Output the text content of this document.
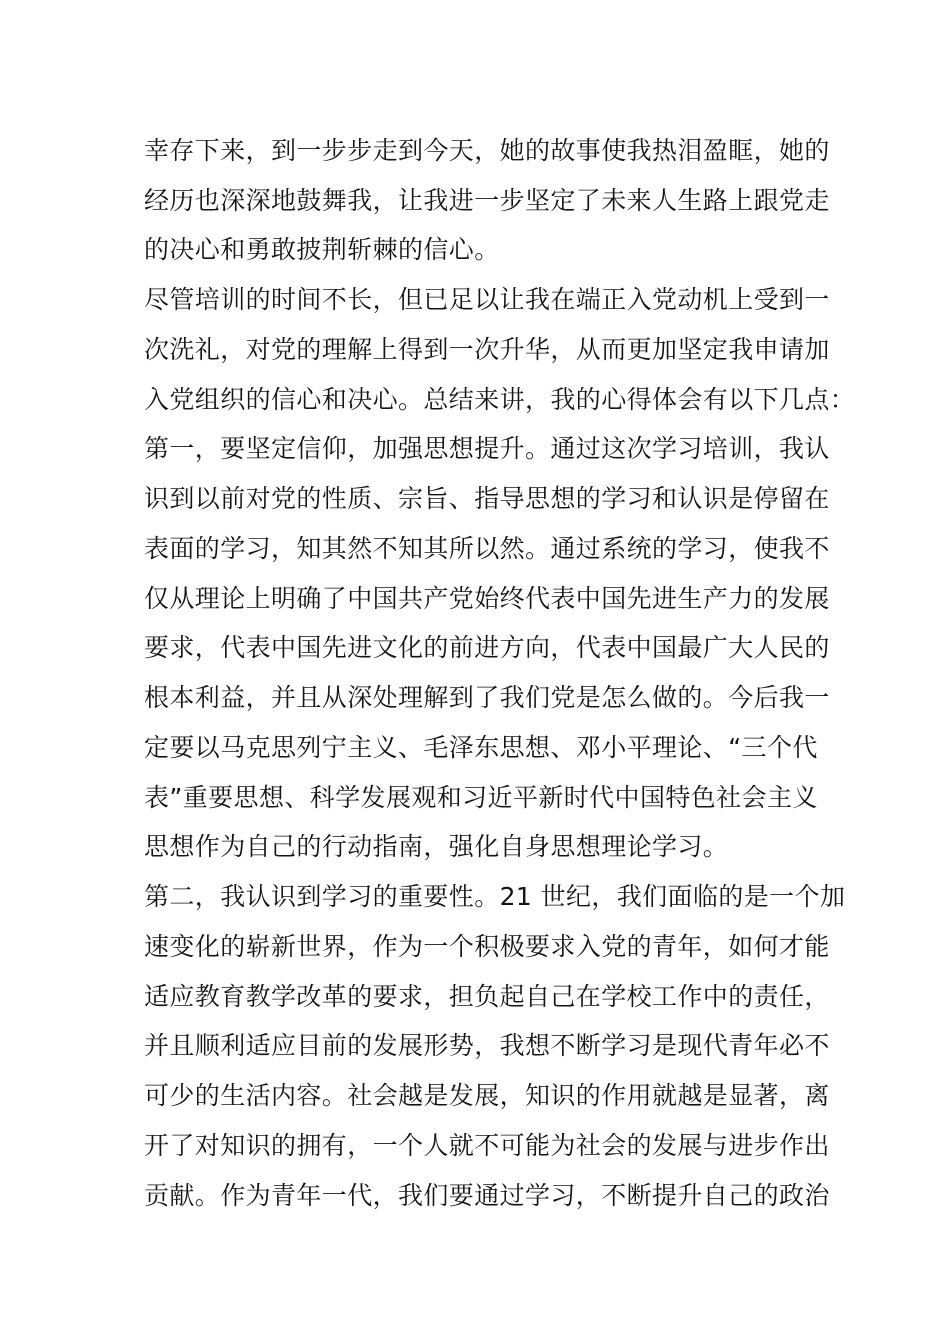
幸存下来，到一步步走到今天，她的故事使我热泪盈眶，她的
经历也深深地鼓舞我，让我进一步坚定了未来人生路上跟党走
的决心和勇敢披荆斩棘的信心。
尽管培训的时间不长，但已足以让我在端正入党动机上受到一
次洗礼，对党的理解上得到一次升华，从而更加坚定我申请加
入党组织的信心和决心。总结来讲，我的心得体会有以下几点：
第一，要坚定信仰，加强思想提升。通过这次学习培训，我认
识到以前对党的性质、宗旨、指导思想的学习和认识是停留在
表面的学习，知其然不知其所以然。通过系统的学习，使我不
仅从理论上明确了中国共产党始终代表中国先进生产力的发展
要求，代表中国先进文化的前进方向，代表中国最广大人民的
根本利益，并且从深处理解到了我们党是怎么做的。今后我一
定要以马克思列宁主义、毛泽东思想、邓小平理论、“三个代
表”重要思想、科学发展观和习近平新时代中国特色社会主义
思想作为自己的行动指南，强化自身思想理论学习。
第二，我认识到学习的重要性。21 世纪，我们面临的是一个加
速变化的崭新世界，作为一个积极要求入党的青年，如何才能
适应教育教学改革的要求，担负起自己在学校工作中的责任，
并且顺利适应目前的发展形势，我想不断学习是现代青年必不
可少的生活内容。社会越是发展，知识的作用就越是显著，离
开了对知识的拥有，一个人就不可能为社会的发展与进步作出
贡献。作为青年一代，我们要通过学习，不断提升自己的政治
